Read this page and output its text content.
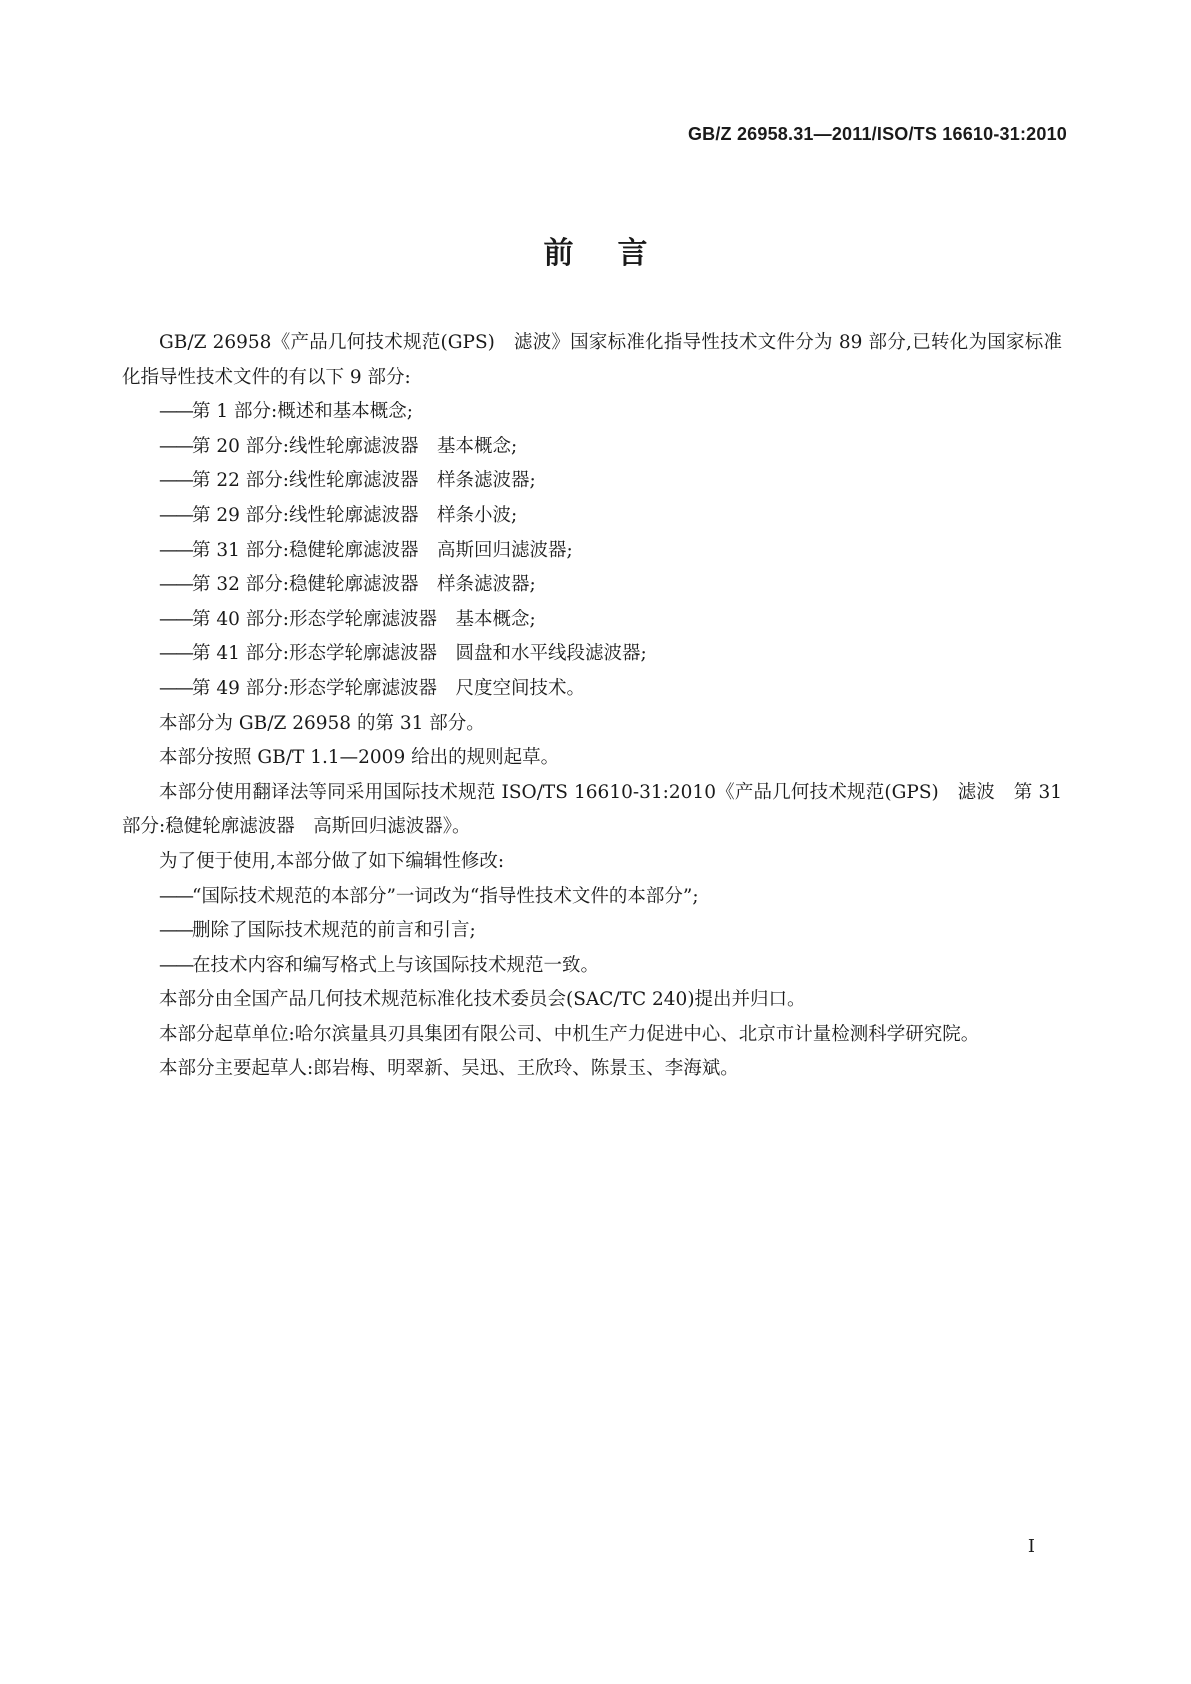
GB/Z 26958.31—2011/ISO/TS 16610-31:2010
前言

GB/Z 26958《产品几何技术规范(GPS)　滤波》国家标准化指导性技术文件分为 89 部分,已转化为国家标准化指导性技术文件的有以下 9 部分:

——第 1 部分:概述和基本概念;

——第 20 部分:线性轮廓滤波器　基本概念;

——第 22 部分:线性轮廓滤波器　样条滤波器;

——第 29 部分:线性轮廓滤波器　样条小波;

——第 31 部分:稳健轮廓滤波器　高斯回归滤波器;

——第 32 部分:稳健轮廓滤波器　样条滤波器;

——第 40 部分:形态学轮廓滤波器　基本概念;

——第 41 部分:形态学轮廓滤波器　圆盘和水平线段滤波器;

——第 49 部分:形态学轮廓滤波器　尺度空间技术。

本部分为 GB/Z 26958 的第 31 部分。

本部分按照 GB/T 1.1—2009 给出的规则起草。

本部分使用翻译法等同采用国际技术规范 ISO/TS 16610-31:2010《产品几何技术规范(GPS)　滤波　第 31 部分:稳健轮廓滤波器　高斯回归滤波器》。

为了便于使用,本部分做了如下编辑性修改:

——“国际技术规范的本部分”一词改为“指导性技术文件的本部分”;

——删除了国际技术规范的前言和引言;

——在技术内容和编写格式上与该国际技术规范一致。

本部分由全国产品几何技术规范标准化技术委员会(SAC/TC 240)提出并归口。

本部分起草单位:哈尔滨量具刃具集团有限公司、中机生产力促进中心、北京市计量检测科学研究院。

本部分主要起草人:郎岩梅、明翠新、吴迅、王欣玲、陈景玉、李海斌。

I
